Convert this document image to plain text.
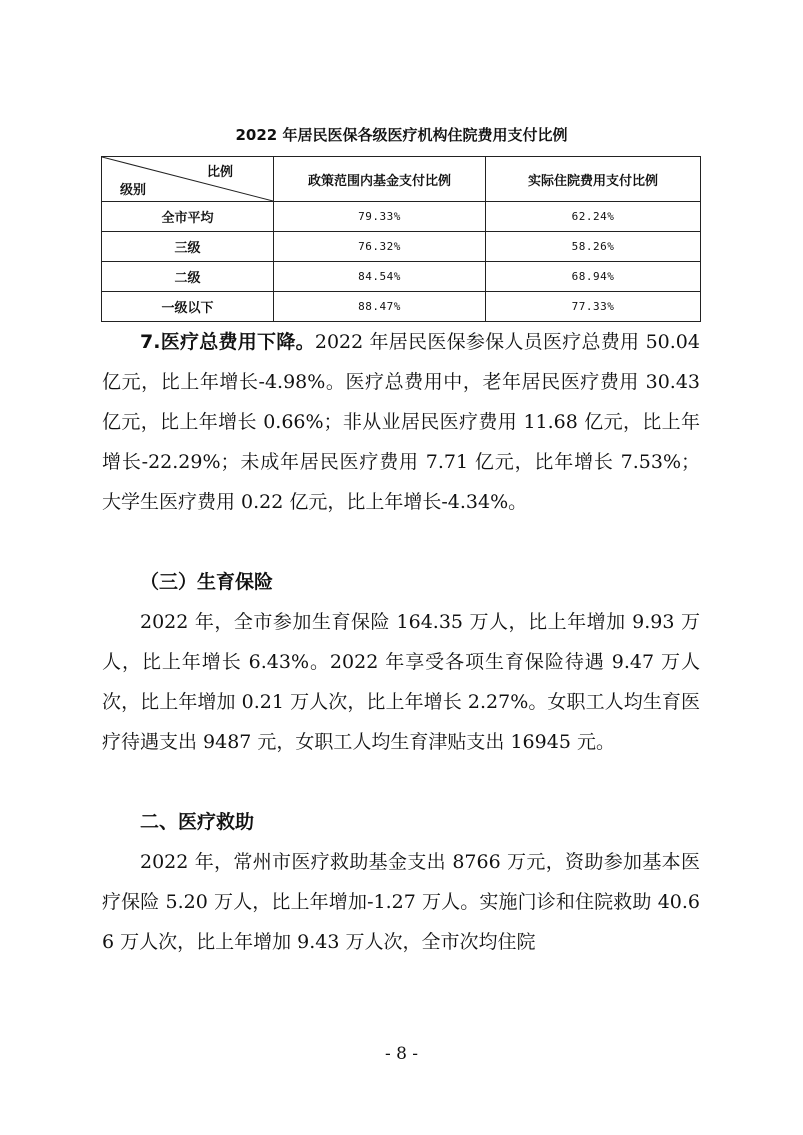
2022 年居民医保各级医疗机构住院费用支付比例
比例
级别	政策范围内基金支付比例	实际住院费用支付比例
全市平均	79.33%	62.24%
三级	76.32%	58.26%
二级	84.54%	68.94%
一级以下	88.47%	77.33%

7.医疗总费用下降。2022 年居民医保参保人员医疗总费用 50.04 亿元，比上年增长-4.98%。医疗总费用中，老年居民医疗费用 30.43 亿元，比上年增长 0.66%；非从业居民医疗费用 11.68 亿元，比上年增长-22.29%；未成年居民医疗费用 7.71 亿元，比年增长 7.53%；大学生医疗费用 0.22 亿元，比上年增长-4.34%。

（三）生育保险

2022 年，全市参加生育保险 164.35 万人，比上年增加 9.93 万人，比上年增长 6.43%。2022 年享受各项生育保险待遇 9.47 万人次，比上年增加 0.21 万人次，比上年增长 2.27%。女职工人均生育医疗待遇支出 9487 元，女职工人均生育津贴支出 16945 元。

二、医疗救助

2022 年，常州市医疗救助基金支出 8766 万元，资助参加基本医疗保险 5.20 万人，比上年增加-1.27 万人。实施门诊和住院救助 40.66 万人次，比上年增加 9.43 万人次，全市次均住院

- 8 -
